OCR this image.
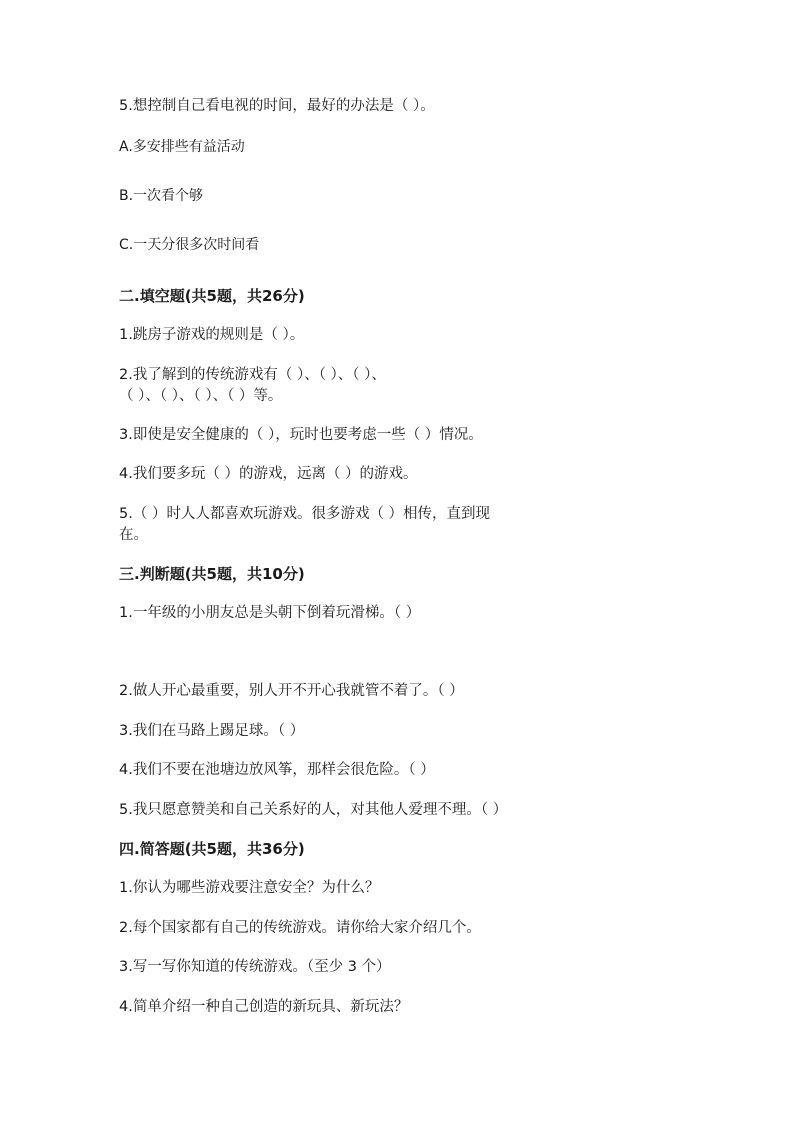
5.想控制自己看电视的时间，最好的办法是（ ）。
A.多安排些有益活动
B.一次看个够
C.一天分很多次时间看
二.填空题(共5题，共26分)
1.跳房子游戏的规则是（ ）。
2.我了解到的传统游戏有（ ）、（ ）、（ ）、
（ ）、（ ）、（ ）、（ ）等。
3.即使是安全健康的（ ），玩时也要考虑一些（ ）情况。
4.我们要多玩（ ）的游戏，远离（ ）的游戏。
5.（ ）时人人都喜欢玩游戏。很多游戏（ ）相传，直到现
在。
三.判断题(共5题，共10分)
1.一年级的小朋友总是头朝下倒着玩滑梯。（ ）
2.做人开心最重要，别人开不开心我就管不着了。（ ）
3.我们在马路上踢足球。（ ）
4.我们不要在池塘边放风筝，那样会很危险。（ ）
5.我只愿意赞美和自己关系好的人，对其他人爱理不理。（ ）
四.简答题(共5题，共36分)
1.你认为哪些游戏要注意安全？为什么？
2.每个国家都有自己的传统游戏。请你给大家介绍几个。
3.写一写你知道的传统游戏。（至少 3 个）
4.简单介绍一种自己创造的新玩具、新玩法？
